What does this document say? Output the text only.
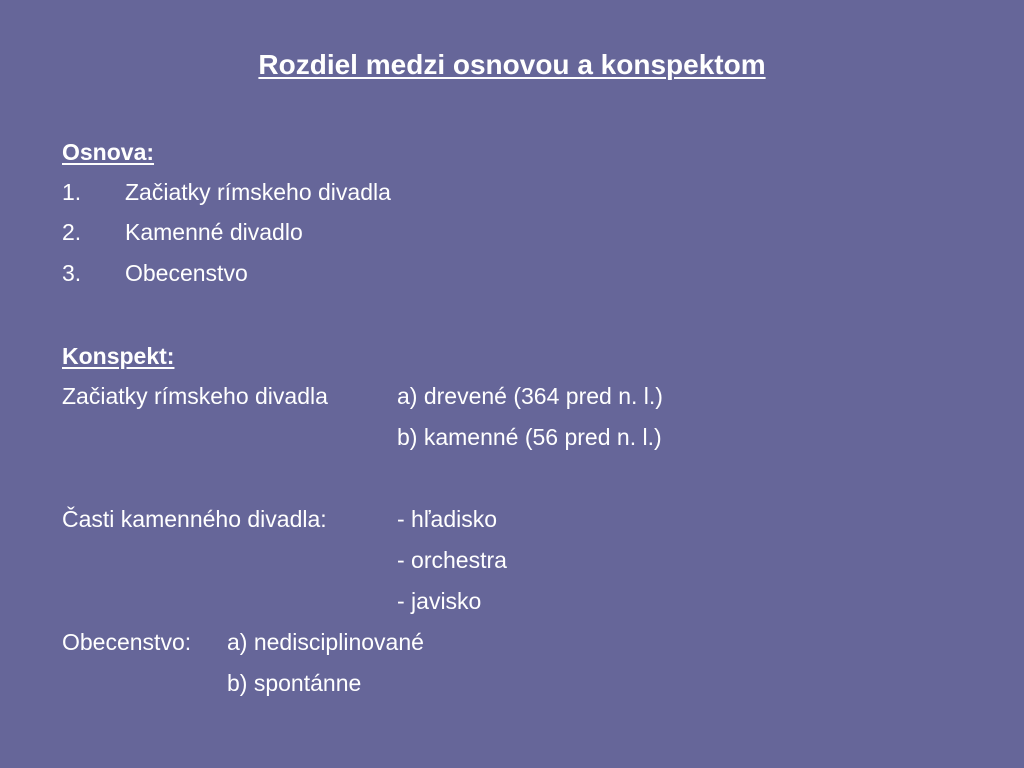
Rozdiel medzi osnovou a konspektom
Osnova:
1. Začiatky rímskeho divadla
2. Kamenné divadlo
3. Obecenstvo
Konspekt:
Začiatky rímskeho divadla	a) drevené (364 pred n. l.)
b) kamenné (56 pred n. l.)
Časti kamenného divadla:	- hľadisko
- orchestra
- javisko
Obecenstvo: a) nedisciplinované
b) spontánne
